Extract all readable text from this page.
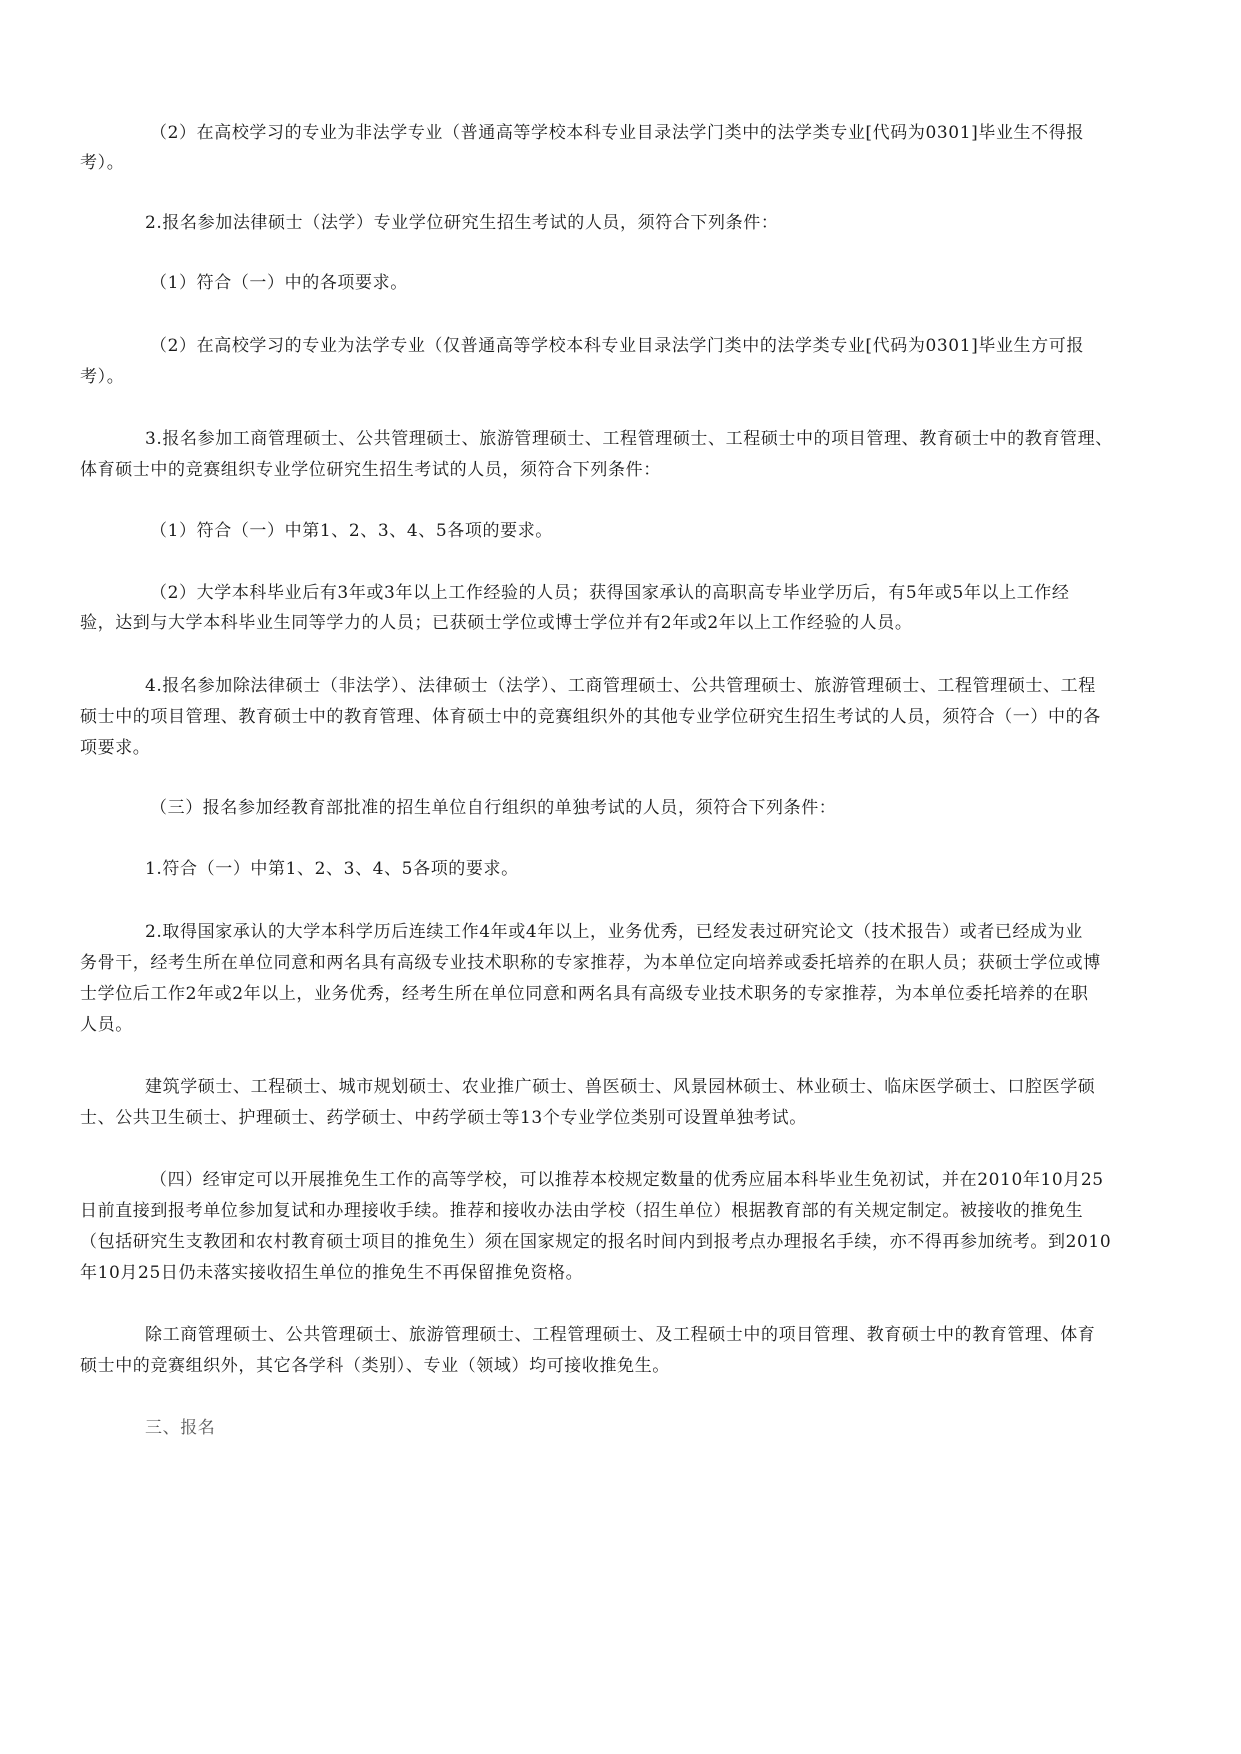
（2）在高校学习的专业为非法学专业（普通高等学校本科专业目录法学门类中的法学类专业[代码为0301]毕业生不得报
考）。
2.报名参加法律硕士（法学）专业学位研究生招生考试的人员，须符合下列条件：
（1）符合（一）中的各项要求。
（2）在高校学习的专业为法学专业（仅普通高等学校本科专业目录法学门类中的法学类专业[代码为0301]毕业生方可报
考）。
3.报名参加工商管理硕士、公共管理硕士、旅游管理硕士、工程管理硕士、工程硕士中的项目管理、教育硕士中的教育管理、
体育硕士中的竞赛组织专业学位研究生招生考试的人员，须符合下列条件：
（1）符合（一）中第1、2、3、4、5各项的要求。
（2）大学本科毕业后有3年或3年以上工作经验的人员；获得国家承认的高职高专毕业学历后，有5年或5年以上工作经
验，达到与大学本科毕业生同等学力的人员；已获硕士学位或博士学位并有2年或2年以上工作经验的人员。
4.报名参加除法律硕士（非法学）、法律硕士（法学）、工商管理硕士、公共管理硕士、旅游管理硕士、工程管理硕士、工程
硕士中的项目管理、教育硕士中的教育管理、体育硕士中的竞赛组织外的其他专业学位研究生招生考试的人员，须符合（一）中的各
项要求。
（三）报名参加经教育部批准的招生单位自行组织的单独考试的人员，须符合下列条件：
1.符合（一）中第1、2、3、4、5各项的要求。
2.取得国家承认的大学本科学历后连续工作4年或4年以上，业务优秀，已经发表过研究论文（技术报告）或者已经成为业
务骨干，经考生所在单位同意和两名具有高级专业技术职称的专家推荐，为本单位定向培养或委托培养的在职人员；获硕士学位或博
士学位后工作2年或2年以上，业务优秀，经考生所在单位同意和两名具有高级专业技术职务的专家推荐，为本单位委托培养的在职
人员。
建筑学硕士、工程硕士、城市规划硕士、农业推广硕士、兽医硕士、风景园林硕士、林业硕士、临床医学硕士、口腔医学硕
士、公共卫生硕士、护理硕士、药学硕士、中药学硕士等13个专业学位类别可设置单独考试。
（四）经审定可以开展推免生工作的高等学校，可以推荐本校规定数量的优秀应届本科毕业生免初试，并在2010年10月25
日前直接到报考单位参加复试和办理接收手续。推荐和接收办法由学校（招生单位）根据教育部的有关规定制定。被接收的推免生
（包括研究生支教团和农村教育硕士项目的推免生）须在国家规定的报名时间内到报考点办理报名手续，亦不得再参加统考。到2010
年10月25日仍未落实接收招生单位的推免生不再保留推免资格。
除工商管理硕士、公共管理硕士、旅游管理硕士、工程管理硕士、及工程硕士中的项目管理、教育硕士中的教育管理、体育
硕士中的竞赛组织外，其它各学科（类别）、专业（领域）均可接收推免生。
三、报名
